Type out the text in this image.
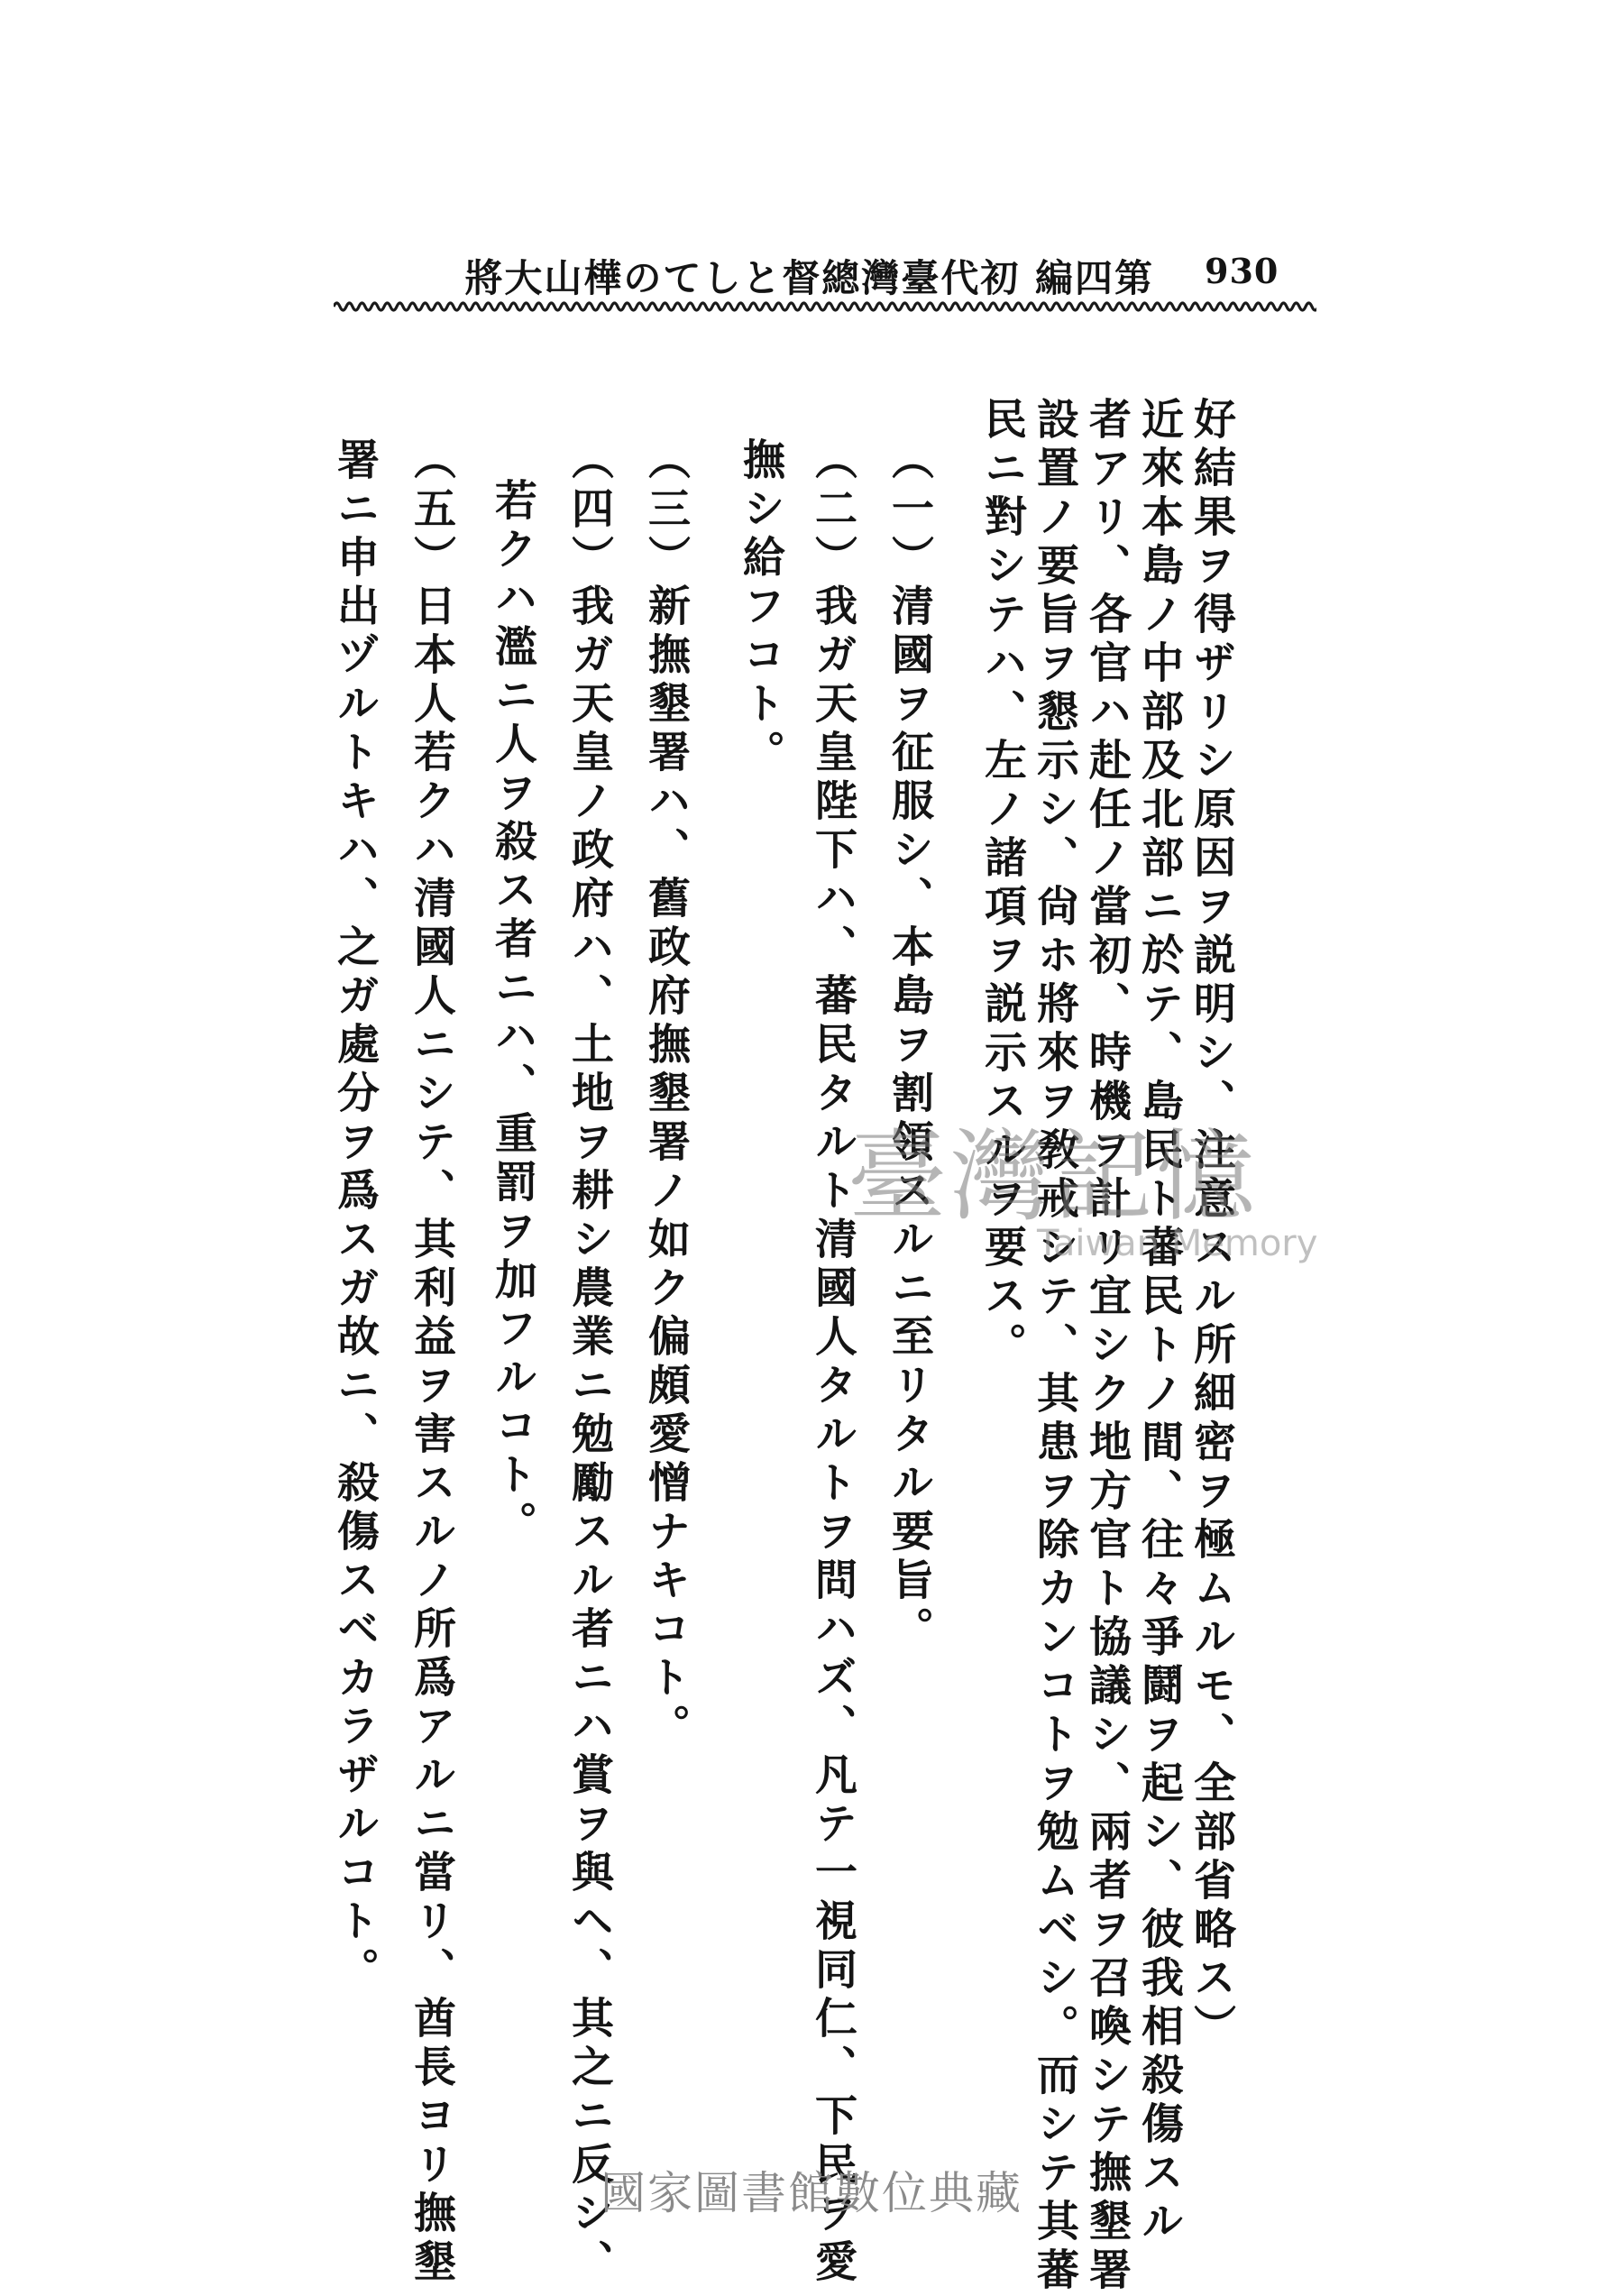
930
第四編 初代臺灣總督としての樺山大將
好結果ヲ得ザリシ原因ヲ説明シ、注意スル所細密ヲ極ムルモ、全部省略ス）
近來本島ノ中部及北部ニ於テ、島民ト蕃民トノ間、往々爭鬪ヲ起シ、彼我相殺傷スル
者アリ、各官ハ赴任ノ當初、時機ヲ計リ宜シク地方官ト協議シ、兩者ヲ召喚シテ撫墾署
設置ノ要旨ヲ懇示シ、尙ホ將來ヲ敎戒シテ、其患ヲ除カンコトヲ勉ムベシ。而シテ其蕃
民ニ對シテハ、左ノ諸項ヲ説示スルヲ要ス。
（一）清國ヲ征服シ、本島ヲ割領スルニ至リタル要旨。
（二）我ガ天皇陛下ハ、蕃民タルト清國人タルトヲ問ハズ、凡テ一視同仁、下民ヲ愛
撫シ給フコト。
（三）新撫墾署ハ、舊政府撫墾署ノ如ク偏頗愛憎ナキコト。
（四）我ガ天皇ノ政府ハ、土地ヲ耕シ農業ニ勉勵スル者ニハ賞ヲ與ヘ、其之ニ反シ、
若クハ濫ニ人ヲ殺ス者ニハ、重罰ヲ加フルコト。
（五）日本人若クハ清國人ニシテ、其利益ヲ害スルノ所爲アルニ當リ、酋長ヨリ撫墾
署ニ申出ヅルトキハ、之ガ處分ヲ爲スガ故ニ、殺傷スベカラザルコト。	臺灣記憶
Taiwan Memory
國家圖書館數位典藏
